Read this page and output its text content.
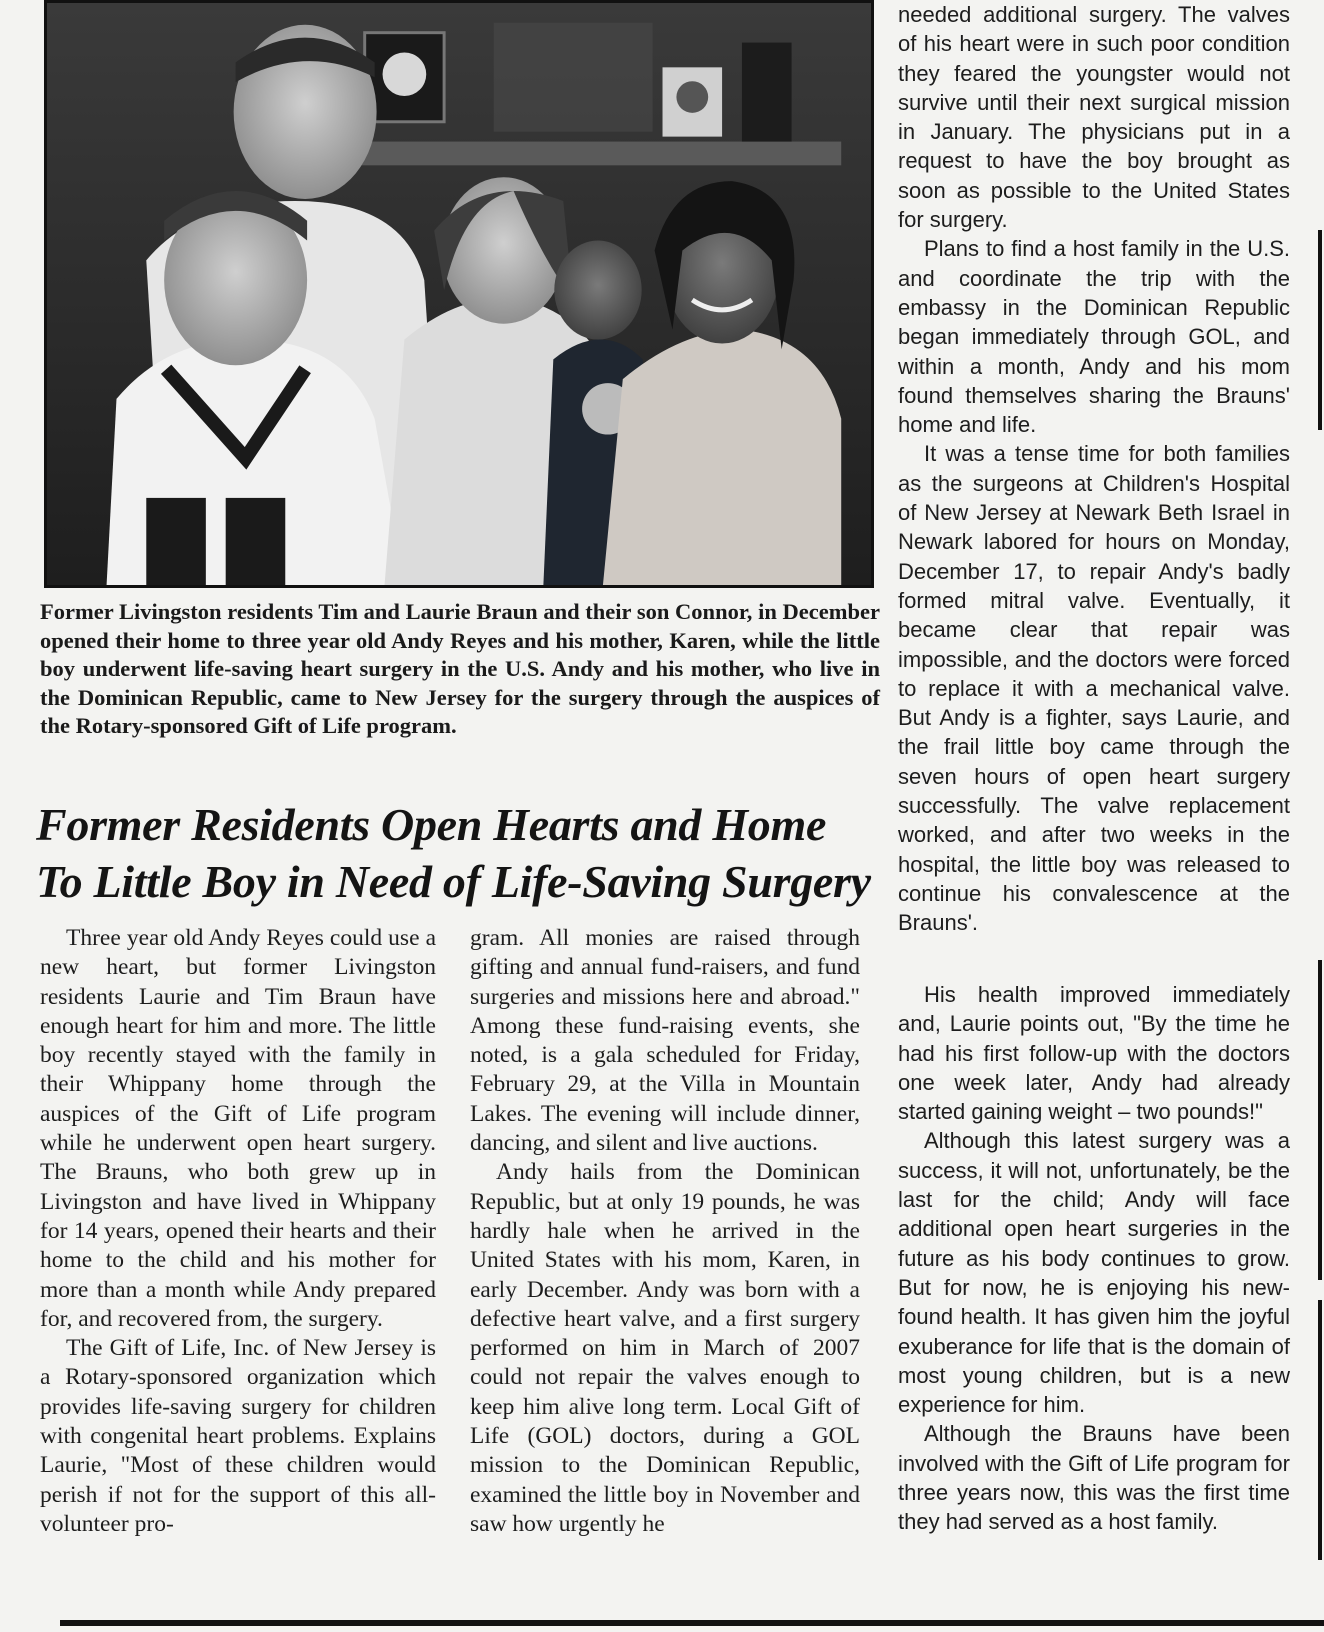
Former Livingston residents Tim and Laurie Braun and their son Connor, in December opened their home to three year old Andy Reyes and his mother, Karen, while the little boy underwent life-saving heart surgery in the U.S. Andy and his mother, who live in the Dominican Republic, came to New Jersey for the surgery through the auspices of the Rotary-sponsored Gift of Life program.

Former Residents Open Hearts and Home
To Little Boy in Need of Life-Saving Surgery

Three year old Andy Reyes could use a new heart, but former Livingston residents Laurie and Tim Braun have enough heart for him and more. The little boy recently stayed with the family in their Whippany home through the auspices of the Gift of Life program while he underwent open heart surgery. The Brauns, who both grew up in Livingston and have lived in Whippany for 14 years, opened their hearts and their home to the child and his mother for more than a month while Andy prepared for, and recovered from, the surgery.

The Gift of Life, Inc. of New Jersey is a Rotary-sponsored organization which provides life-saving surgery for children with congenital heart problems. Explains Laurie, "Most of these children would perish if not for the support of this all-volunteer pro-

gram. All monies are raised through gifting and annual fund-raisers, and fund surgeries and missions here and abroad." Among these fund-raising events, she noted, is a gala scheduled for Friday, February 29, at the Villa in Mountain Lakes. The evening will include dinner, dancing, and silent and live auctions.

Andy hails from the Dominican Republic, but at only 19 pounds, he was hardly hale when he arrived in the United States with his mom, Karen, in early December. Andy was born with a defective heart valve, and a first surgery performed on him in March of 2007 could not repair the valves enough to keep him alive long term. Local Gift of Life (GOL) doctors, during a GOL mission to the Dominican Republic, examined the little boy in November and saw how urgently he

needed additional surgery. The valves of his heart were in such poor condition they feared the youngster would not survive until their next surgical mission in January. The physicians put in a request to have the boy brought as soon as possible to the United States for surgery.

Plans to find a host family in the U.S. and coordinate the trip with the embassy in the Dominican Republic began immediately through GOL, and within a month, Andy and his mom found themselves sharing the Brauns' home and life.

It was a tense time for both families as the surgeons at Children's Hospital of New Jersey at Newark Beth Israel in Newark labored for hours on Monday, December 17, to repair Andy's badly formed mitral valve. Eventually, it became clear that repair was impossible, and the doctors were forced to replace it with a mechanical valve. But Andy is a fighter, says Laurie, and the frail little boy came through the seven hours of open heart surgery successfully. The valve replacement worked, and after two weeks in the hospital, the little boy was released to continue his convalescence at the Brauns'.

His health improved immediately and, Laurie points out, "By the time he had his first follow-up with the doctors one week later, Andy had already started gaining weight – two pounds!"

Although this latest surgery was a success, it will not, unfortunately, be the last for the child; Andy will face additional open heart surgeries in the future as his body continues to grow. But for now, he is enjoying his new-found health. It has given him the joyful exuberance for life that is the domain of most young children, but is a new experience for him.

Although the Brauns have been involved with the Gift of Life program for three years now, this was the first time they had served as a host family.
